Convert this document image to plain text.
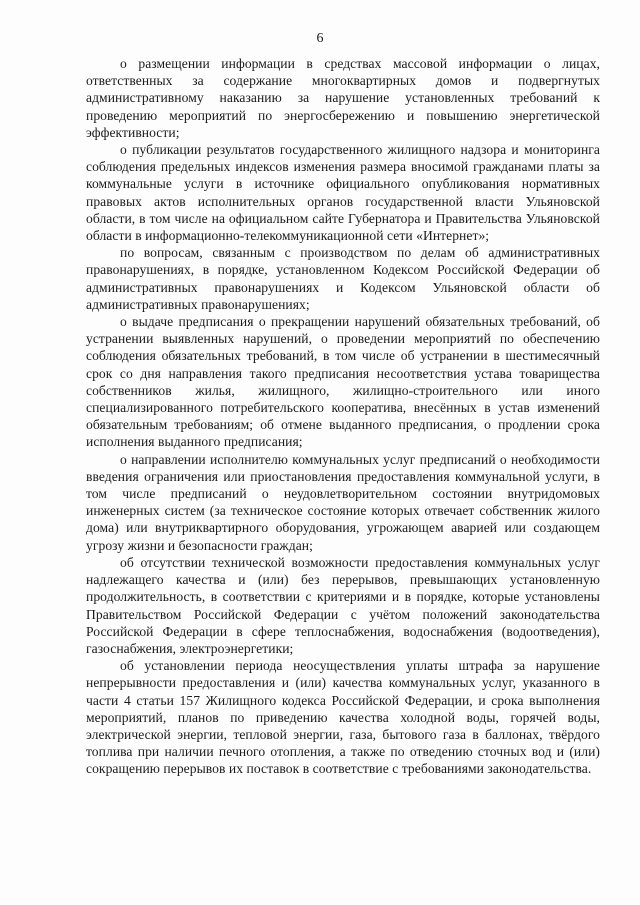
6

о размещении информации в средствах массовой информации о лицах, ответственных за содержание многоквартирных домов и подвергнутых административному наказанию за нарушение установленных требований к проведению мероприятий по энергосбережению и повышению энергетической эффективности;

о публикации результатов государственного жилищного надзора и мониторинга соблюдения предельных индексов изменения размера вносимой гражданами платы за коммунальные услуги в источнике официального опубликования нормативных правовых актов исполнительных органов государственной власти Ульяновской области, в том числе на официальном сайте Губернатора и Правительства Ульяновской области в информационно-телекоммуникационной сети «Интернет»;

по вопросам, связанным с производством по делам об административных правонарушениях, в порядке, установленном Кодексом Российской Федерации об административных правонарушениях и Кодексом Ульяновской области об административных правонарушениях;

о выдаче предписания о прекращении нарушений обязательных требований, об устранении выявленных нарушений, о проведении мероприятий по обеспечению соблюдения обязательных требований, в том числе об устранении в шестимесячный срок со дня направления такого предписания несоответствия устава товарищества собственников жилья, жилищного, жилищно-строительного или иного специализированного потребительского кооператива, внесённых в устав изменений обязательным требованиям; об отмене выданного предписания, о продлении срока исполнения выданного предписания;

о направлении исполнителю коммунальных услуг предписаний о необходимости введения ограничения или приостановления предоставления коммунальной услуги, в том числе предписаний о неудовлетворительном состоянии внутридомовых инженерных систем (за техническое состояние которых отвечает собственник жилого дома) или внутриквартирного оборудования, угрожающем аварией или создающем угрозу жизни и безопасности граждан;

об отсутствии технической возможности предоставления коммунальных услуг надлежащего качества и (или) без перерывов, превышающих установленную продолжительность, в соответствии с критериями и в порядке, которые установлены Правительством Российской Федерации с учётом положений законодательства Российской Федерации в сфере теплоснабжения, водоснабжения (водоотведения), газоснабжения, электроэнергетики;

об установлении периода неосуществления уплаты штрафа за нарушение непрерывности предоставления и (или) качества коммунальных услуг, указанного в части 4 статьи 157 Жилищного кодекса Российской Федерации, и срока выполнения мероприятий, планов по приведению качества холодной воды, горячей воды, электрической энергии, тепловой энергии, газа, бытового газа в баллонах, твёрдого топлива при наличии печного отопления, а также по отведению сточных вод и (или) сокращению перерывов их поставок в соответствие с требованиями законодательства.
